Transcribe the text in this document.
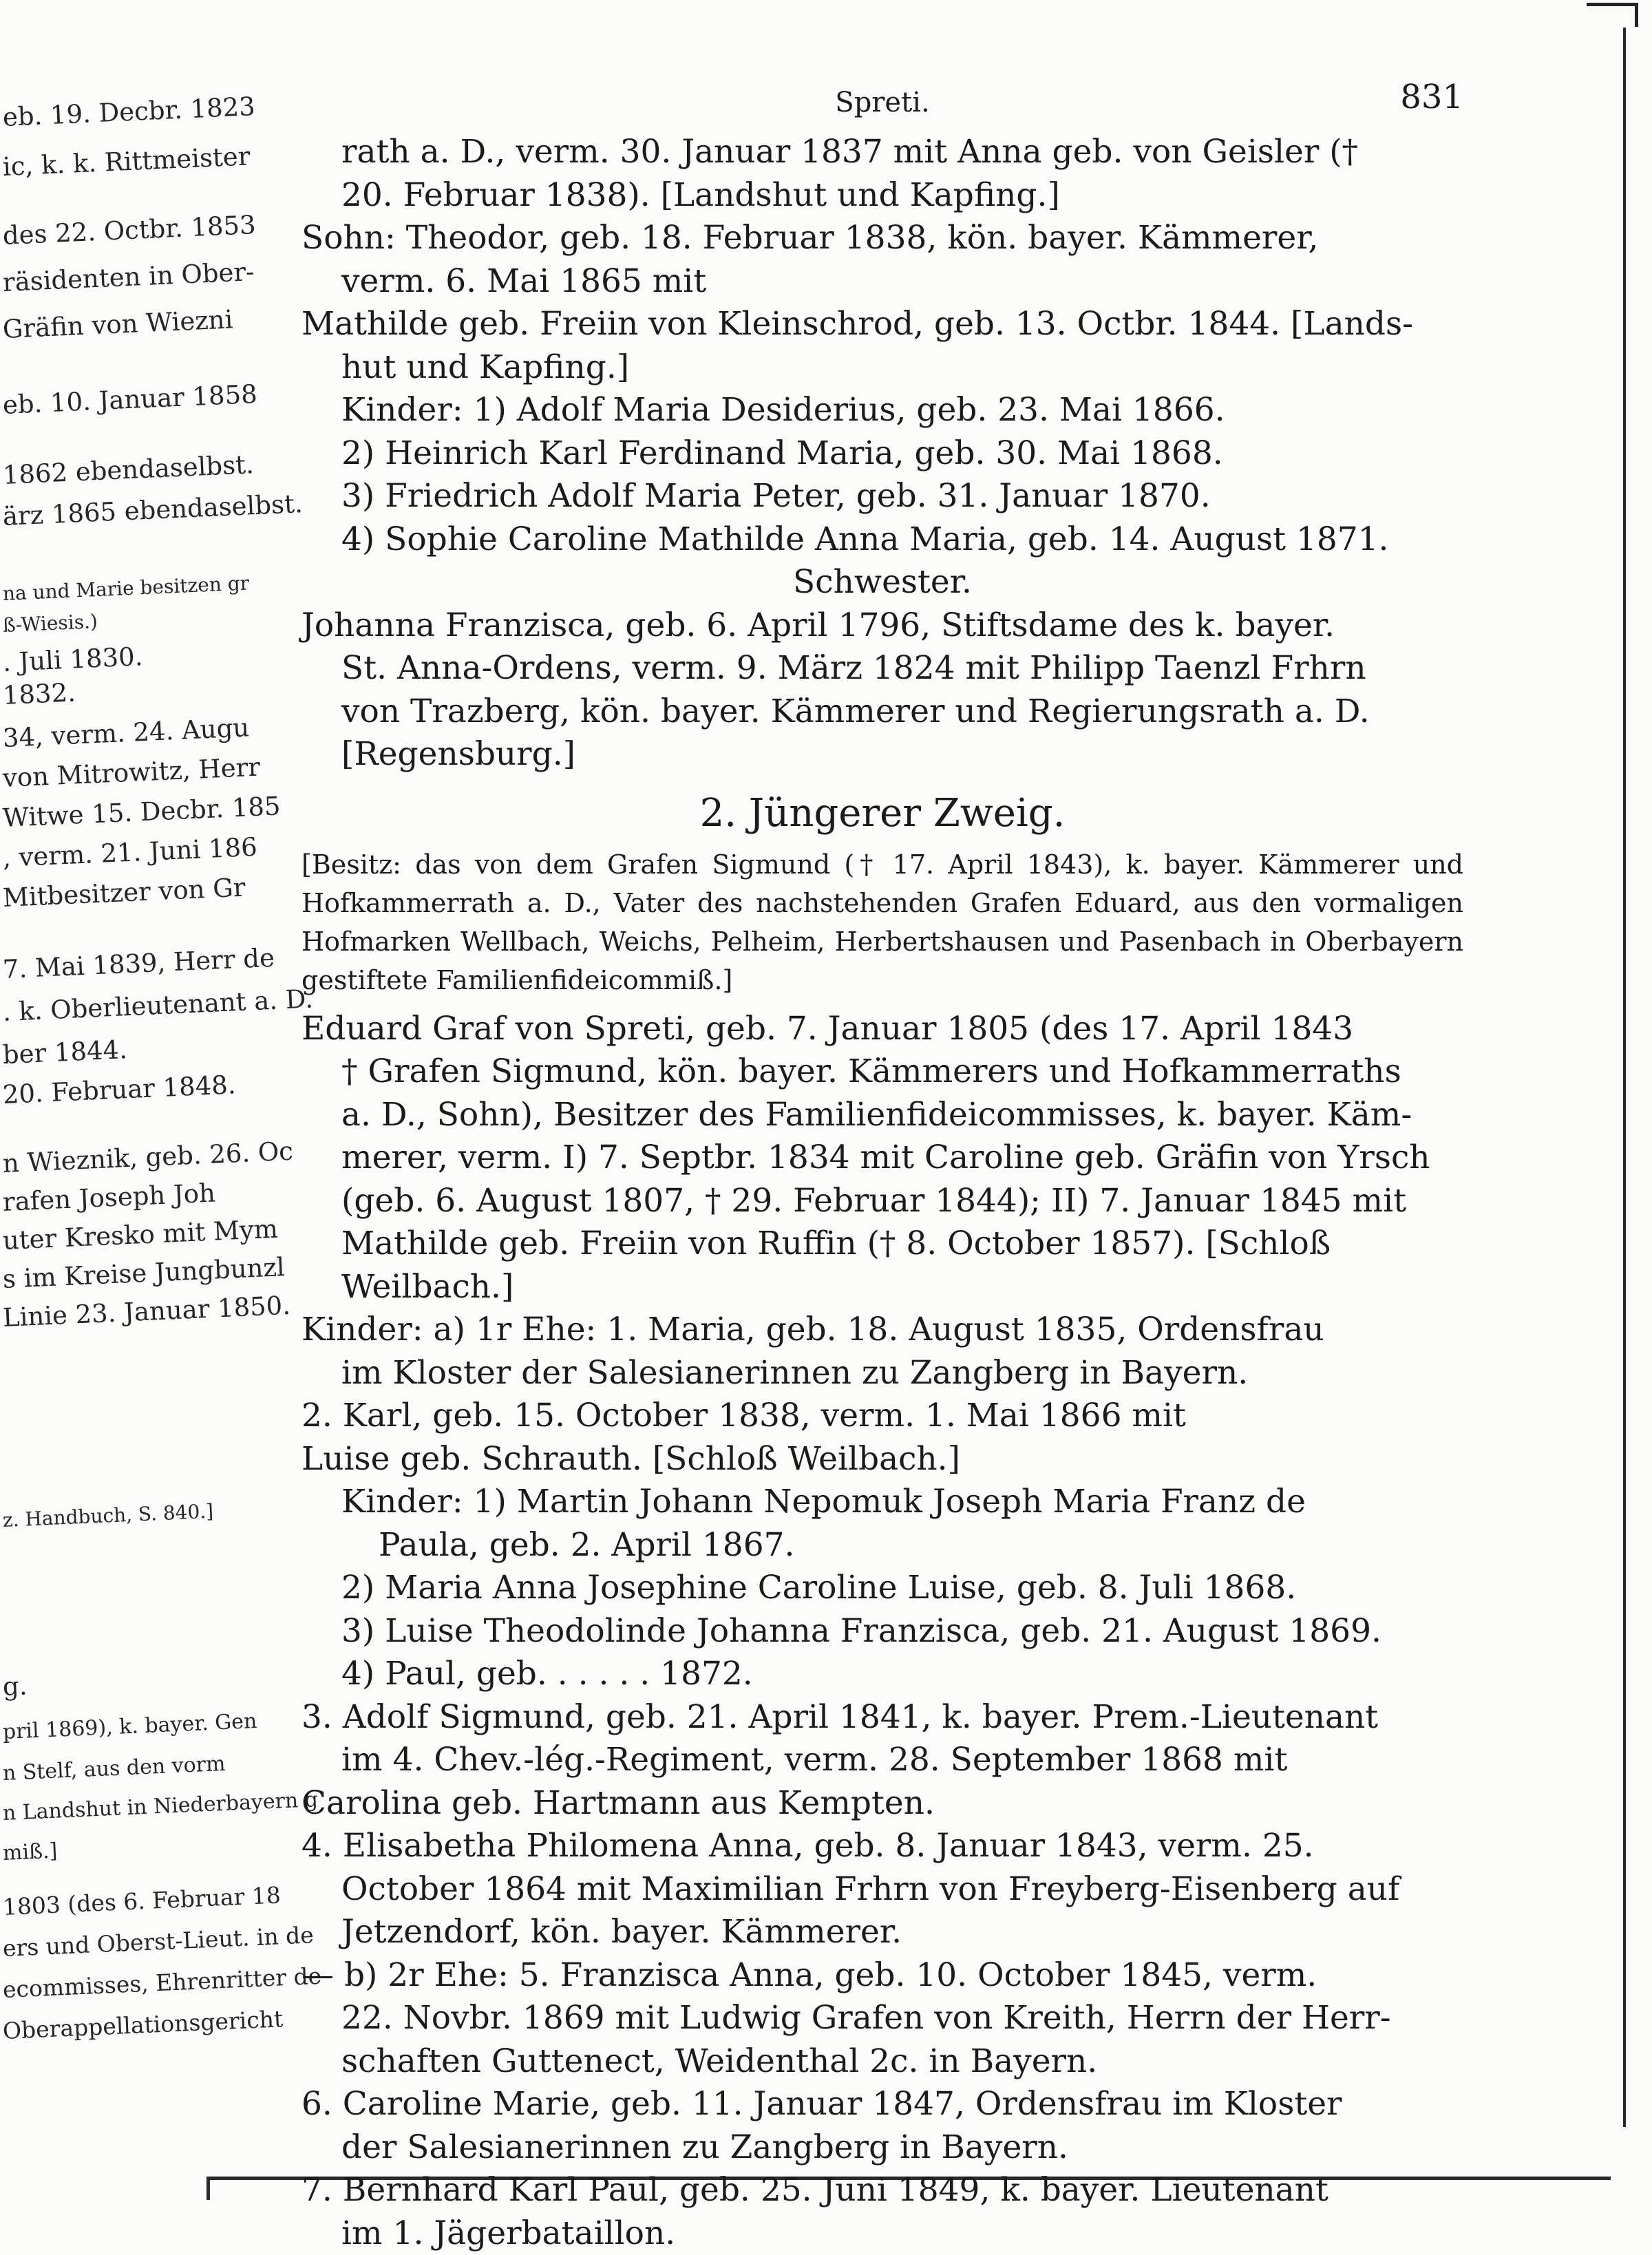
eb. 19. Decbr. 1823
ic, k. k. Rittmeister
des 22. Octbr. 1853
räsidenten in Ober-
Gräfin von Wiezni
eb. 10. Januar 1858
1862 ebendaselbst.
ärz 1865 ebendaselbst.
na und Marie besitzen gr
ß-Wiesis.)
. Juli 1830.
1832.
34, verm. 24. Augu
von Mitrowitz, Herr
Witwe 15. Decbr. 185
, verm. 21. Juni 186
Mitbesitzer von Gr
7. Mai 1839, Herr de
. k. Oberlieutenant a. D.
ber 1844.
20. Februar 1848.
n Wieznik, geb. 26. Oc
rafen Joseph Joh
uter Kresko mit Mym
s im Kreise Jungbunzl
Linie 23. Januar 1850.
z. Handbuch, S. 840.]
g.
pril 1869), k. bayer. Gen
n Stelf, aus den vorm
n Landshut in Niederbayern g
miß.]
1803 (des 6. Februar 18
ers und Oberst-Lieut. in de
ecommisses, Ehrenritter de
Oberappellationsgericht
Spreti.	831

rath a. D., verm. 30. Januar 1837 mit Anna geb. von Geisler (†

20. Februar 1838). [Landshut und Kapfing.]

Sohn: Theodor, geb. 18. Februar 1838, kön. bayer. Kämmerer,

verm. 6. Mai 1865 mit

Mathilde geb. Freiin von Kleinschrod, geb. 13. Octbr. 1844. [Lands-

hut und Kapfing.]

Kinder: 1) Adolf Maria Desiderius, geb. 23. Mai 1866.

2) Heinrich Karl Ferdinand Maria, geb. 30. Mai 1868.

3) Friedrich Adolf Maria Peter, geb. 31. Januar 1870.

4) Sophie Caroline Mathilde Anna Maria, geb. 14. August 1871.

Schwester.

Johanna Franzisca, geb. 6. April 1796, Stiftsdame des k. bayer.

St. Anna-Ordens, verm. 9. März 1824 mit Philipp Taenzl Frhrn

von Trazberg, kön. bayer. Kämmerer und Regierungsrath a. D.

[Regensburg.]

2. Jüngerer Zweig.

[Besitz: das von dem Grafen Sigmund († 17. April 1843), k. bayer. Kämmerer und Hofkammerrath a. D., Vater des nachstehenden Grafen Eduard, aus den vormaligen Hofmarken Wellbach, Weichs, Pelheim, Herbertshausen und Pasenbach in Oberbayern gestiftete Familienfideicommiß.]

Eduard Graf von Spreti, geb. 7. Januar 1805 (des 17. April 1843

† Grafen Sigmund, kön. bayer. Kämmerers und Hofkammerraths

a. D., Sohn), Besitzer des Familienfideicommisses, k. bayer. Käm-

merer, verm. I) 7. Septbr. 1834 mit Caroline geb. Gräfin von Yrsch

(geb. 6. August 1807, † 29. Februar 1844); II) 7. Januar 1845 mit

Mathilde geb. Freiin von Ruffin († 8. October 1857). [Schloß

Weilbach.]

Kinder: a) 1r Ehe: 1. Maria, geb. 18. August 1835, Ordensfrau

im Kloster der Salesianerinnen zu Zangberg in Bayern.

2. Karl, geb. 15. October 1838, verm. 1. Mai 1866 mit

Luise geb. Schrauth. [Schloß Weilbach.]

Kinder: 1) Martin Johann Nepomuk Joseph Maria Franz de

Paula, geb. 2. April 1867.

2) Maria Anna Josephine Caroline Luise, geb. 8. Juli 1868.

3) Luise Theodolinde Johanna Franzisca, geb. 21. August 1869.

4) Paul, geb. . . . . . 1872.

3. Adolf Sigmund, geb. 21. April 1841, k. bayer. Prem.-Lieutenant

im 4. Chev.-lég.-Regiment, verm. 28. September 1868 mit

Carolina geb. Hartmann aus Kempten.

4. Elisabetha Philomena Anna, geb. 8. Januar 1843, verm. 25.

October 1864 mit Maximilian Frhrn von Freyberg-Eisenberg auf

Jetzendorf, kön. bayer. Kämmerer.

— b) 2r Ehe: 5. Franzisca Anna, geb. 10. October 1845, verm.

22. Novbr. 1869 mit Ludwig Grafen von Kreith, Herrn der Herr-

schaften Guttenect, Weidenthal 2c. in Bayern.

6. Caroline Marie, geb. 11. Januar 1847, Ordensfrau im Kloster

der Salesianerinnen zu Zangberg in Bayern.

7. Bernhard Karl Paul, geb. 25. Juni 1849, k. bayer. Lieutenant

im 1. Jägerbataillon.
